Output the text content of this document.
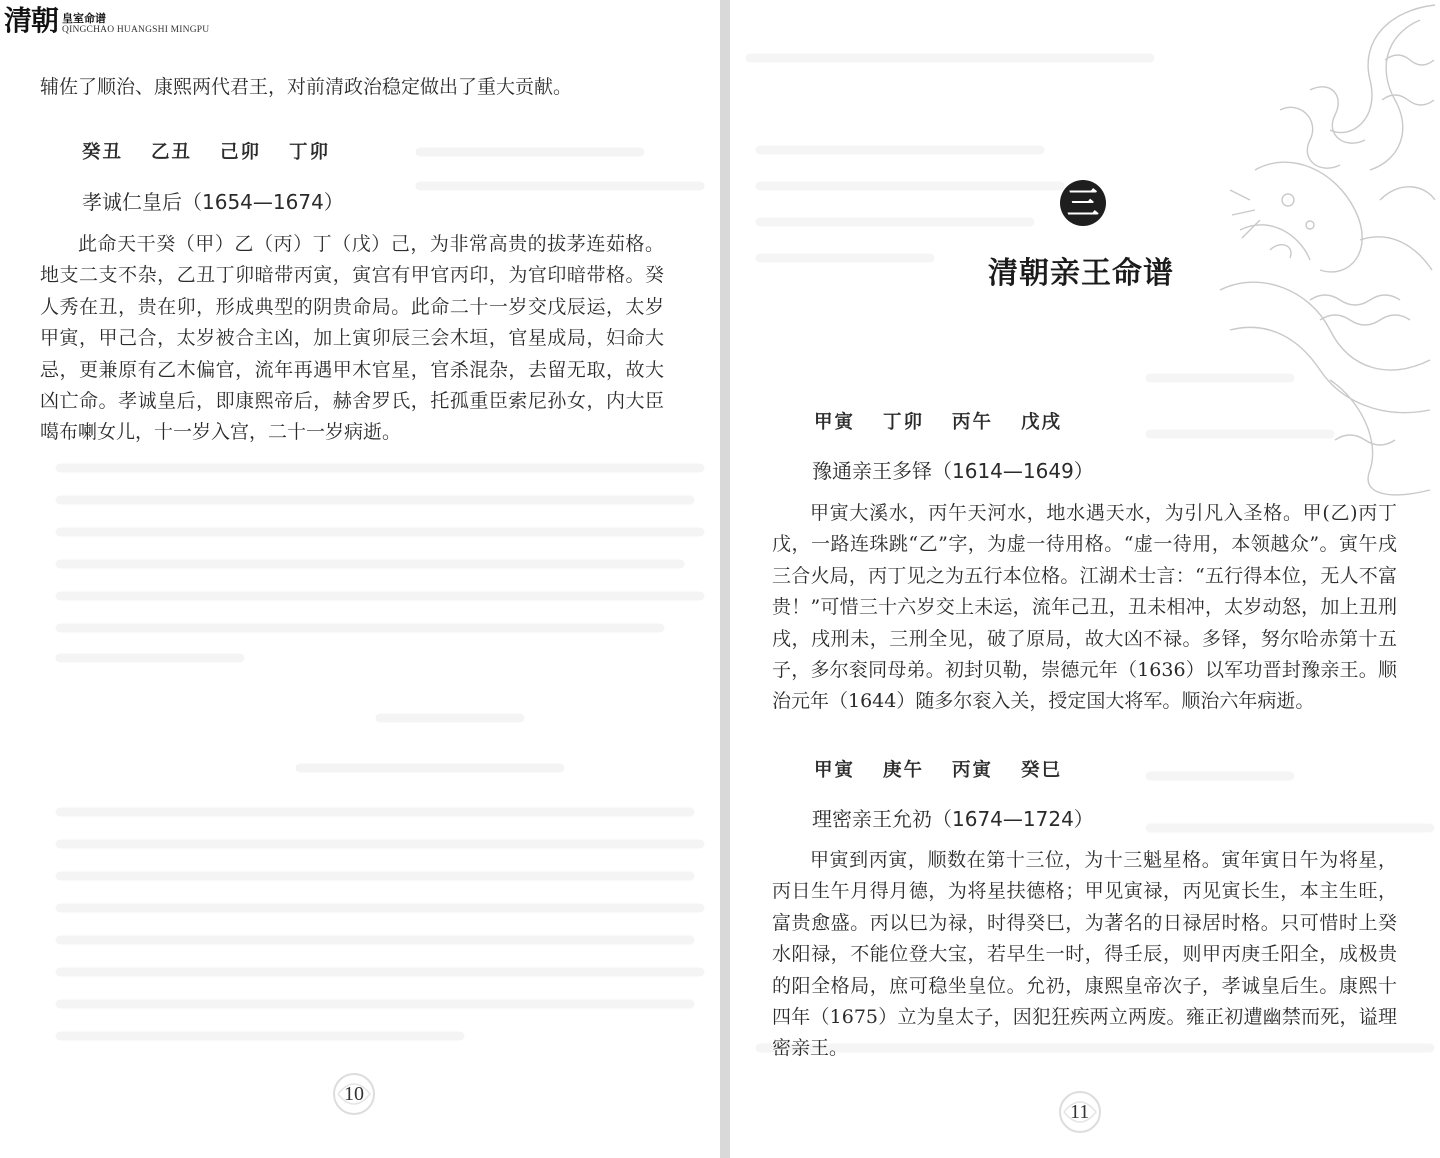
清朝 皇室命谱
QINGCHAO HUANGSHI MINGPU

辅佐了顺治、康熙两代君王，对前清政治稳定做出了重大贡献。

癸丑 乙丑 己卯 丁卯
孝诚仁皇后（1654—1674）

此命天干癸（甲）乙（丙）丁（戊）己，为非常高贵的拔茅连茹格。地支二支不杂，乙丑丁卯暗带丙寅，寅宫有甲官丙印，为官印暗带格。癸人秀在丑，贵在卯，形成典型的阴贵命局。此命二十一岁交戊辰运，太岁甲寅，甲己合，太岁被合主凶，加上寅卯辰三会木垣，官星成局，妇命大忌，更兼原有乙木偏官，流年再遇甲木官星，官杀混杂，去留无取，故大凶亡命。孝诚皇后，即康熙帝后，赫舍罗氏，托孤重臣索尼孙女，内大臣噶布喇女儿，十一岁入宫，二十一岁病逝。

10
三
清朝亲王命谱
甲寅 丁卯 丙午 戊戌
豫通亲王多铎（1614—1649）

甲寅大溪水，丙午天河水，地水遇天水，为引凡入圣格。甲(乙)丙丁戊，一路连珠跳“乙”字，为虚一待用格。“虚一待用，本领越众”。寅午戌三合火局，丙丁见之为五行本位格。江湖术士言：“五行得本位，无人不富贵！”可惜三十六岁交上未运，流年己丑，丑未相冲，太岁动怒，加上丑刑戌，戌刑未，三刑全见，破了原局，故大凶不禄。多铎，努尔哈赤第十五子，多尔衮同母弟。初封贝勒，崇德元年（1636）以军功晋封豫亲王。顺治元年（1644）随多尔衮入关，授定国大将军。顺治六年病逝。

甲寅 庚午 丙寅 癸巳
理密亲王允礽（1674—1724）

甲寅到丙寅，顺数在第十三位，为十三魁星格。寅年寅日午为将星，丙日生午月得月德，为将星扶德格；甲见寅禄，丙见寅长生，本主生旺，富贵愈盛。丙以巳为禄，时得癸巳，为著名的日禄居时格。只可惜时上癸水阳禄，不能位登大宝，若早生一时，得壬辰，则甲丙庚壬阳全，成极贵的阳全格局，庶可稳坐皇位。允礽，康熙皇帝次子，孝诚皇后生。康熙十四年（1675）立为皇太子，因犯狂疾两立两废。雍正初遭幽禁而死，谥理密亲王。

11
